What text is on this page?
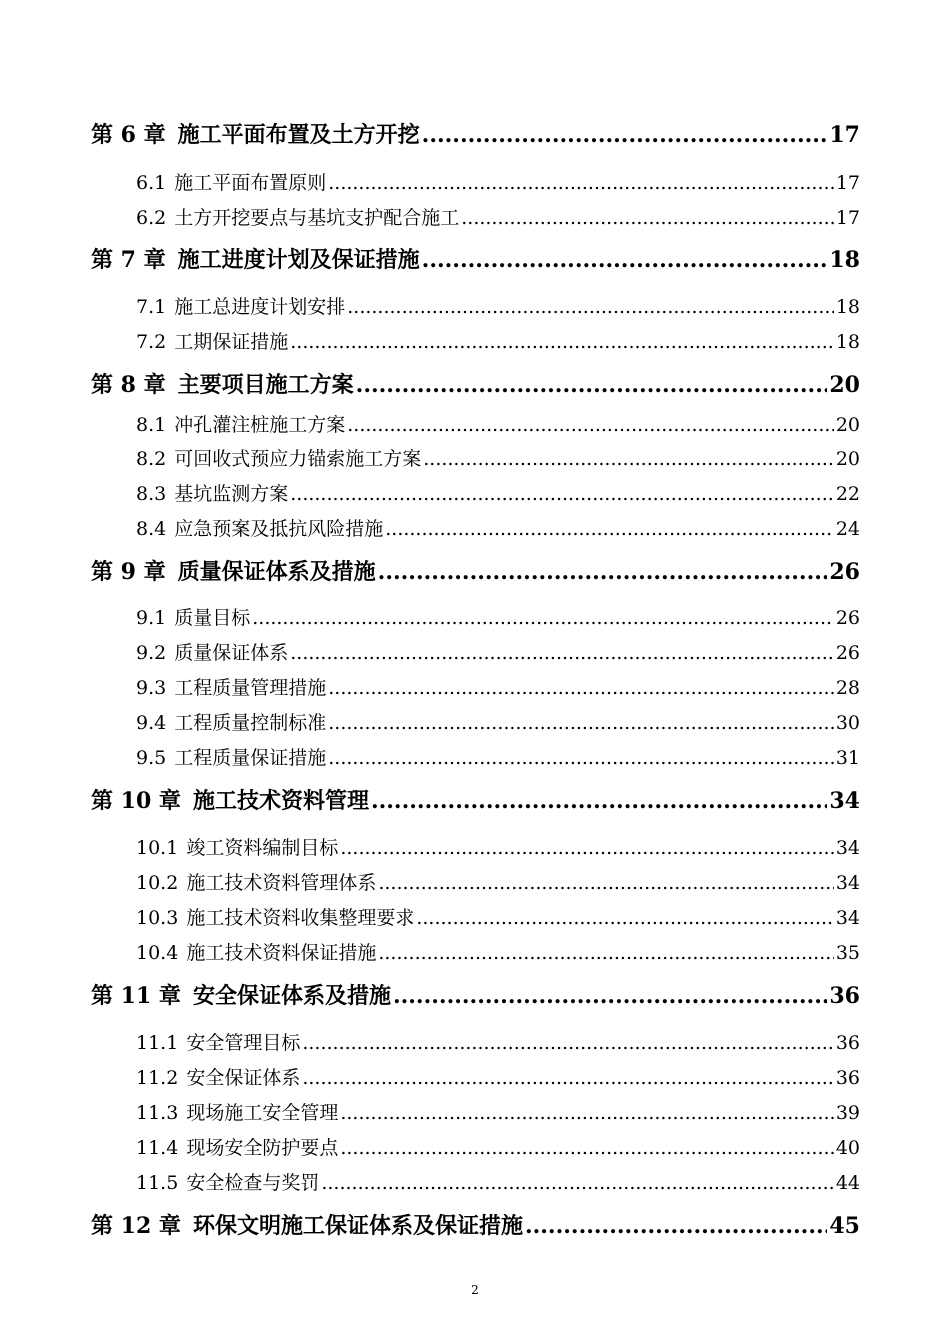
第 6 章 施工平面布置及土方开挖 .....	17
6.1 施工平面布置原则 .....	17
6.2 土方开挖要点与基坑支护配合施工 .....	17
第 7 章 施工进度计划及保证措施 .....	18
7.1 施工总进度计划安排 .....	18
7.2 工期保证措施 .....	18
第 8 章 主要项目施工方案 .....	20
8.1 冲孔灌注桩施工方案 .....	20
8.2 可回收式预应力锚索施工方案 .....	20
8.3 基坑监测方案 .....	22
8.4 应急预案及抵抗风险措施 .....	24
第 9 章 质量保证体系及措施 .....	26
9.1 质量目标 .....	26
9.2 质量保证体系 .....	26
9.3 工程质量管理措施 .....	28
9.4 工程质量控制标准 .....	30
9.5 工程质量保证措施 .....	31
第 10 章 施工技术资料管理 .....	34
10.1 竣工资料编制目标 .....	34
10.2 施工技术资料管理体系 .....	34
10.3 施工技术资料收集整理要求 .....	34
10.4 施工技术资料保证措施 .....	35
第 11 章 安全保证体系及措施 .....	36
11.1 安全管理目标 .....	36
11.2 安全保证体系 .....	36
11.3 现场施工安全管理 .....	39
11.4 现场安全防护要点 .....	40
11.5 安全检查与奖罚 .....	44
第 12 章 环保文明施工保证体系及保证措施 .....	45
2
